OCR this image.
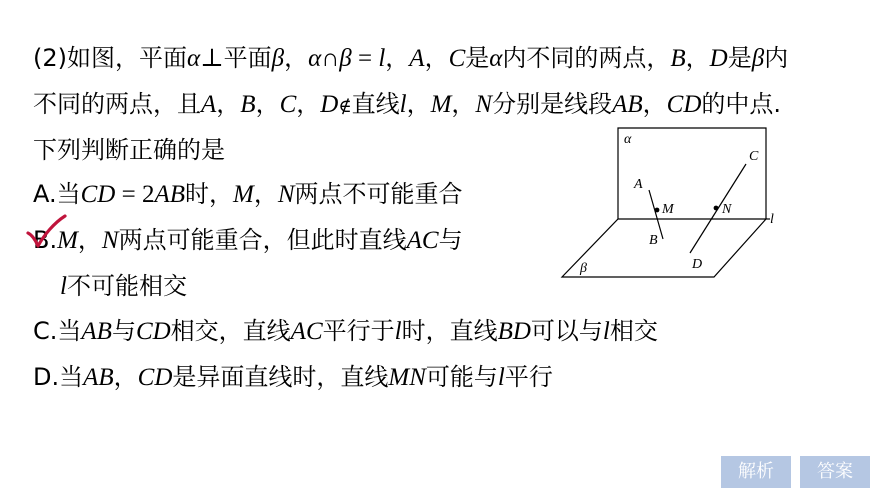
(2)如图，平面α⊥平面β，α∩β = l，A，C是α内不同的两点，B，D是β内
不同的两点，且A，B，C，D∉直线l，M，N分别是线段AB，CD的中点.
下列判断正确的是
A.当CD = 2AB时，M，N两点不可能重合
B.M，N两点可能重合，但此时直线AC与
l不可能相交
C.当AB与CD相交，直线AC平行于l时，直线BD可以与l相交
D.当AB，CD是异面直线时，直线MN可能与l平行
α
β
l
A
B
C
D
M	N
解析	答案
